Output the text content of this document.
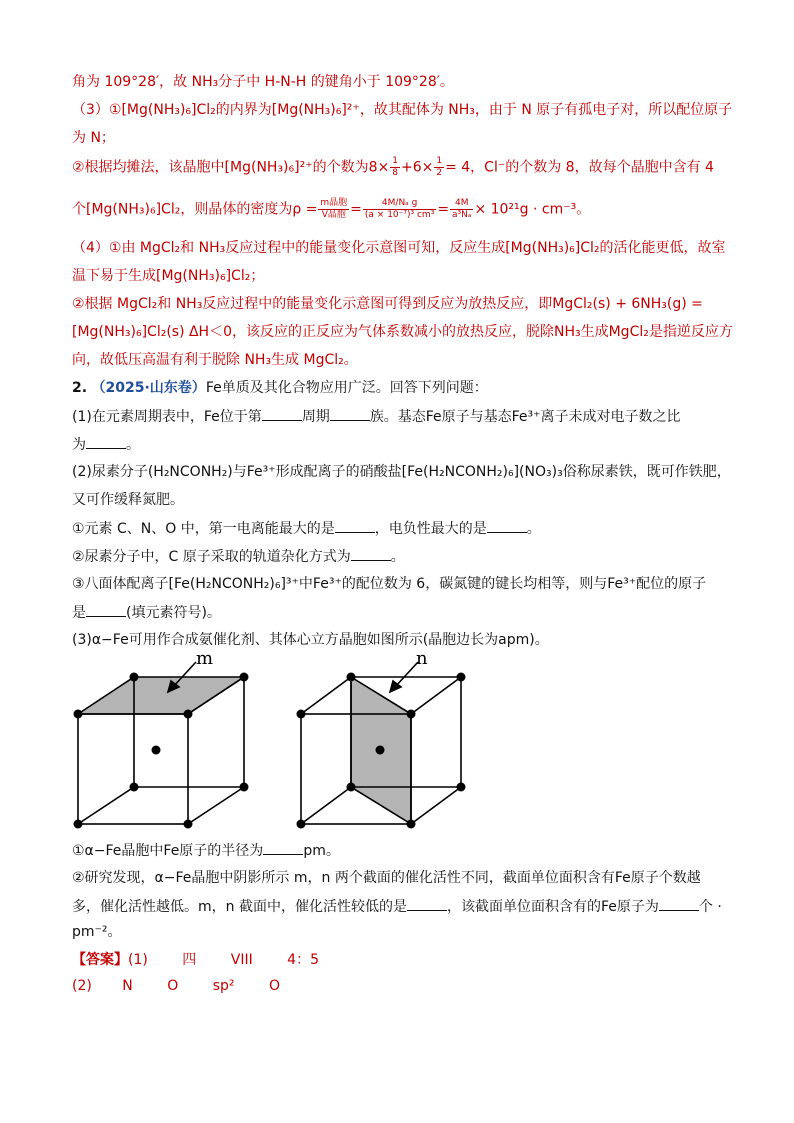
角为 109°28′，故 NH₃分子中 H-N-H 的键角小于 109°28′。
（3）①[Mg(NH₃)₆]Cl₂的内界为[Mg(NH₃)₆]²⁺，故其配体为 NH₃，由于 N 原子有孤电子对，所以配位原子
为 N；
②根据均摊法，该晶胞中[Mg(NH₃)₆]²⁺的个数为$8\times \frac{1}{8} +6\times \frac{1}{2} = 4$，Cl⁻的个数为 8，故每个晶胞中含有 4
个[Mg(NH₃)₆]Cl₂，则晶体的密度为$\rho = \frac{\text{m晶胞}}{\text{V晶胞}} = \frac{\text{4M/Nₐ g}}{\text{(a × 10⁻⁷)³ cm³}} = \frac{4M}{\text{a³Nₐ}} \times 10^{21}g \cdot cm^{-3}$。
（4）①由 MgCl₂和 NH₃反应过程中的能量变化示意图可知，反应生成[Mg(NH₃)₆]Cl₂的活化能更低，故室
温下易于生成[Mg(NH₃)₆]Cl₂；
②根据 MgCl₂和 NH₃反应过程中的能量变化示意图可得到反应为放热反应，即MgCl₂(s) + 6NH₃(g) =
[Mg(NH₃)₆]Cl₂(s) ΔH＜0，该反应的正反应为气体系数减小的放热反应，脱除NH₃生成MgCl₂是指逆反应方
向，故低压高温有利于脱除 NH₃生成 MgCl₂。
2. （2025·山东卷）Fe单质及其化合物应用广泛。回答下列问题：
(1)在元素周期表中，Fe位于第	周期	族。基态Fe原子与基态Fe³⁺离子未成对电子数之比
为	。
(2)尿素分子(H₂NCONH₂)与Fe³⁺形成配离子的硝酸盐[Fe(H₂NCONH₂)₆](NO₃)₃俗称尿素铁，既可作铁肥，
又可作缓释氮肥。
①元素 C、N、O 中，第一电离能最大的是	，电负性最大的是	。
②尿素分子中，C 原子采取的轨道杂化方式为	。
③八面体配离子[Fe(H₂NCONH₂)₆]³⁺中Fe³⁺的配位数为 6，碳氮键的键长均相等，则与Fe³⁺配位的原子
是	(填元素符号)。
(3)α−Fe可用作合成氨催化剂、其体心立方晶胞如图所示(晶胞边长为apm)。
m	n
①α−Fe晶胞中Fe原子的半径为	pm。
②研究发现，α−Fe晶胞中阴影所示 m，n 两个截面的催化活性不同，截面单位面积含有Fe原子个数越
多，催化活性越低。m，n 截面中，催化活性较低的是	，该截面单位面积含有的Fe原子为	个 ·
pm⁻²。
【答案】(1) 四 VIII 4：5
(2) N O sp² O
